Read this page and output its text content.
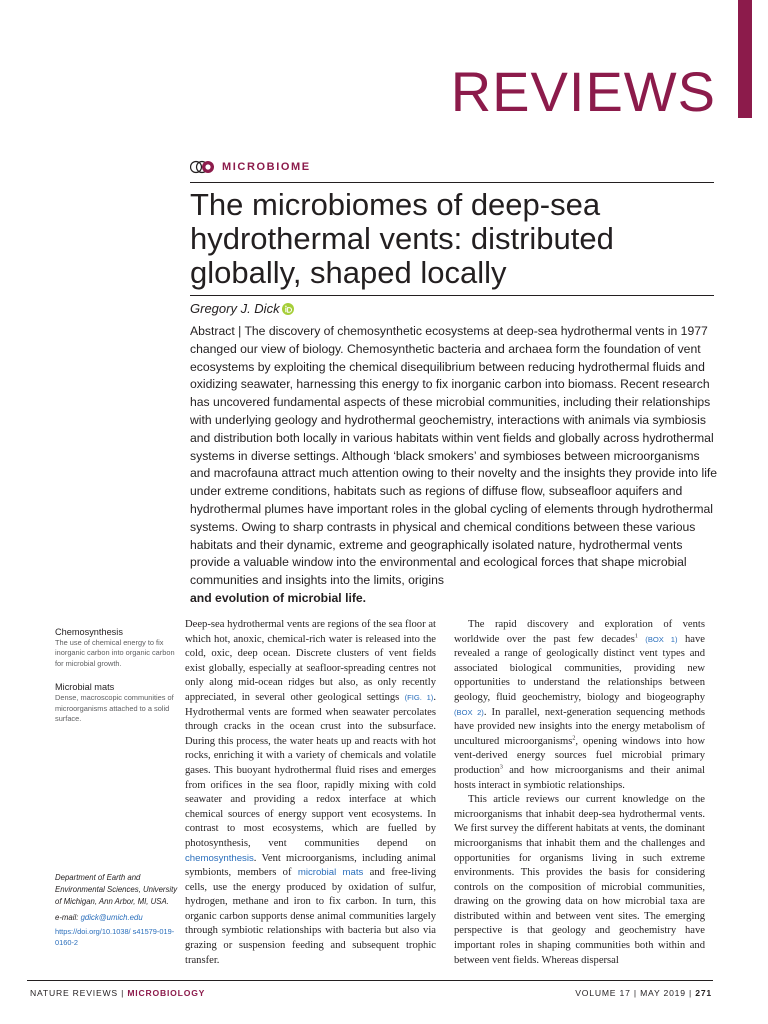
REVIEWS
MICROBIOME
The microbiomes of deep-sea hydrothermal vents: distributed globally, shaped locally
Gregory J. Dick

Abstract | The discovery of chemosynthetic ecosystems at deep-sea hydrothermal vents in 1977 changed our view of biology. Chemosynthetic bacteria and archaea form the foundation of vent ecosystems by exploiting the chemical disequilibrium between reducing hydrothermal fluids and oxidizing seawater, harnessing this energy to fix inorganic carbon into biomass. Recent research has uncovered fundamental aspects of these microbial communities, including their relationships with underlying geology and hydrothermal geochemistry, interactions with animals via symbiosis and distribution both locally in various habitats within vent fields and globally across hydrothermal systems in diverse settings. Although ‘black smokers’ and symbioses between microorganisms and macrofauna attract much attention owing to their novelty and the insights they provide into life under extreme conditions, habitats such as regions of diffuse flow, subseafloor aquifers and hydrothermal plumes have important roles in the global cycling of elements through hydrothermal systems. Owing to sharp contrasts in physical and chemical conditions between these various habitats and their dynamic, extreme and geographically isolated nature, hydrothermal vents provide a valuable window into the environmental and ecological forces that shape microbial communities and insights into the limits, origins
and evolution of microbial life.

Chemosynthesis

The use of chemical energy to fix inorganic carbon into organic carbon for microbial growth.

Microbial mats

Dense, macroscopic communities of microorganisms attached to a solid surface.

Department of Earth and Environmental Sciences, University of Michigan, Ann Arbor, MI, USA.

e-mail: gdick@umich.edu

https://doi.org/10.1038/ s41579-019-0160-2

Deep-sea hydrothermal vents are regions of the sea floor at which hot, anoxic, chemical-rich water is released into the cold, oxic, deep ocean. Discrete clusters of vent fields exist globally, especially at seafloor-spreading centres not only along mid-ocean ridges but also, as only recently appreciated, in several other geological settings (FIG. 1). Hydrothermal vents are formed when seawater percolates through cracks in the ocean crust into the subsurface. During this process, the water heats up and reacts with hot rocks, enriching it with a variety of chemicals and volatile gases. This buoyant hydrothermal fluid rises and emerges from orifices in the sea floor, rapidly mixing with cold seawater and providing a redox interface at which chemical sources of energy support vent ecosystems. In contrast to most ecosystems, which are fuelled by photosynthesis, vent communities depend on chemosynthesis. Vent microorganisms, including animal symbionts, members of microbial mats and free-living cells, use the energy produced by oxidation of sulfur, hydrogen, methane and iron to fix carbon. In turn, this organic carbon supports dense animal communities largely through symbiotic relationships with bacteria but also via grazing or suspension feeding and subsequent trophic transfer.

The rapid discovery and exploration of vents worldwide over the past few decades$^1$ (BOX 1) have revealed a range of geologically distinct vent types and associated biological communities, providing new opportunities to understand the relationships between geology, fluid geochemistry, biology and biogeography (BOX 2). In parallel, next-generation sequencing methods have provided new insights into the energy metabolism of uncultured microorganisms$^2$, opening windows into how vent-derived energy sources fuel microbial primary production$^3$ and how microorganisms and their animal hosts interact in symbiotic relationships.

This article reviews our current knowledge on the microorganisms that inhabit deep-sea hydrothermal vents. We first survey the different habitats at vents, the dominant microorganisms that inhabit them and the challenges and opportunities for organisms living in such extreme environments. This provides the basis for considering controls on the composition of microbial communities, drawing on the growing data on how microbial taxa are distributed within and between vent sites. The emerging perspective is that geology and geochemistry have important roles in shaping communities both within and between vent fields. Whereas dispersal

NATURE REVIEWS | MICROBIOLOGY	VOLUME 17 | MAY 2019 | 271
